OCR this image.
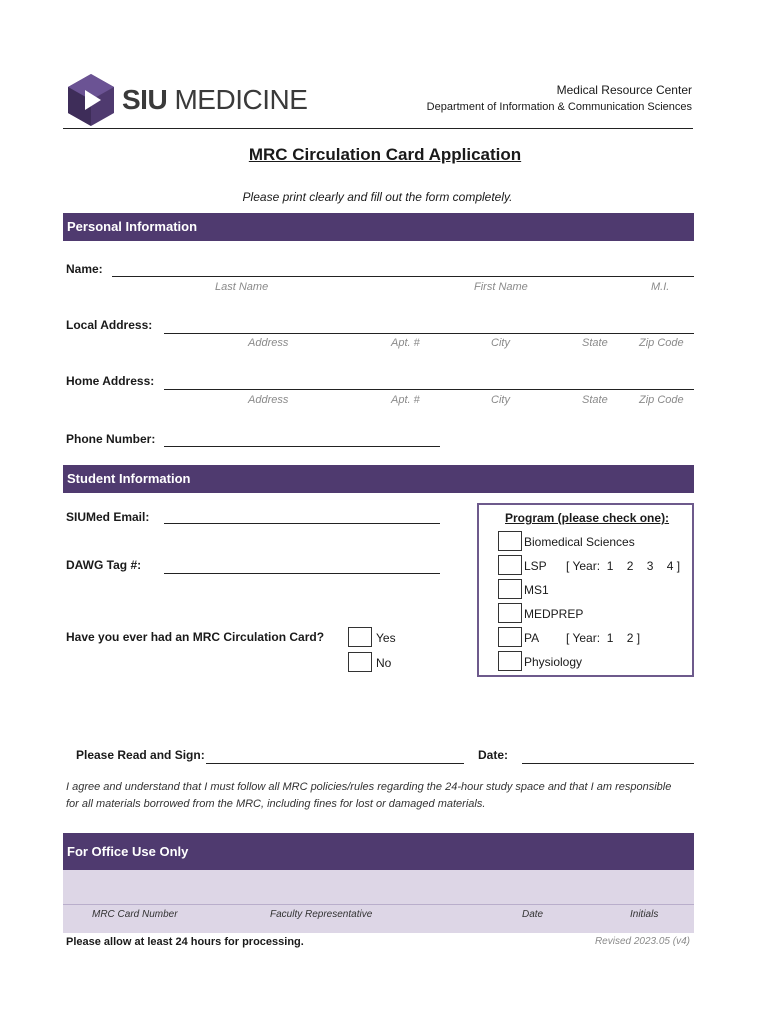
SIU MEDICINE	Medical Resource Center
Department of Information & Communication Sciences
MRC Circulation Card Application
Please print clearly and fill out the form completely.
Personal Information
Name:
Last Name	First Name	M.I.
Local Address:
Address	Apt. #	City	State	Zip Code
Home Address:
Address	Apt. #	City	State	Zip Code
Phone Number:
Student Information
SIUMed Email:
DAWG Tag #:
Have you ever had an MRC Circulation Card?	Yes
No
Program (please check one):
Biomedical Sciences
LSP [ Year:  1    2    3    4 ]
MS1
MEDPREP
PA [ Year:  1    2 ]
Physiology
Please Read and Sign:	Date:
I agree and understand that I must follow all MRC policies/rules regarding the 24-hour study space and that I am responsible for all materials borrowed from the MRC, including fines for lost or damaged materials.
For Office Use Only
MRC Card Number	Faculty Representative	Date	Initials
Please allow at least 24 hours for processing.	Revised 2023.05 (v4)
